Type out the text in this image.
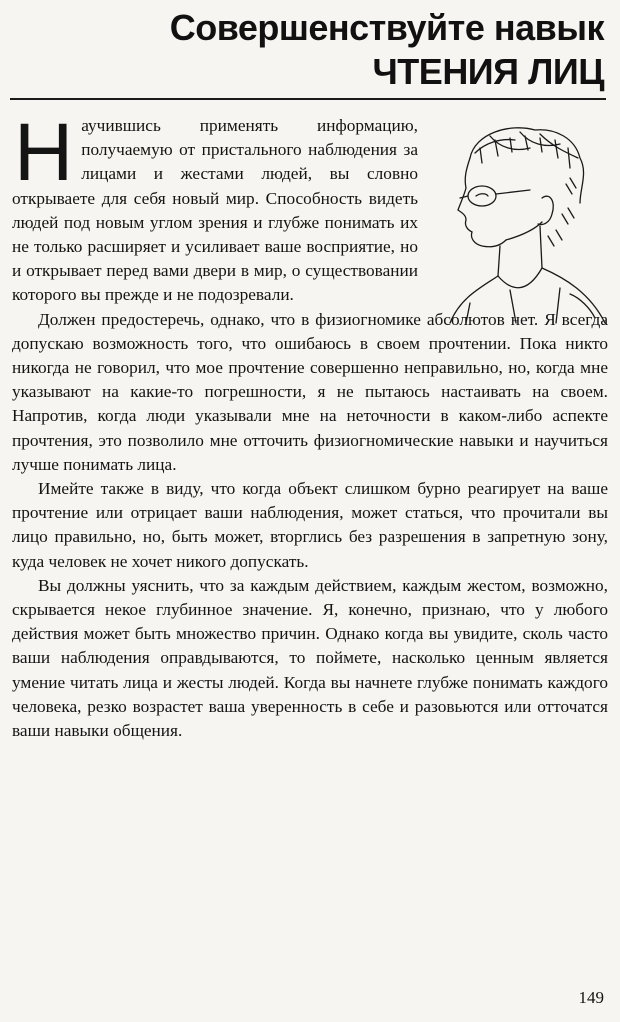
Совершенствуйте навык
ЧТЕНИЯ ЛИЦ

Научившись применять информацию, получаемую от пристального наблюдения за лицами и жестами людей, вы словно открываете для себя новый мир. Способность видеть людей под новым углом зрения и глубже понимать их не только расширяет и усиливает ваше восприятие, но и открывает перед вами двери в мир, о существовании которого вы прежде и не подозревали.

Должен предостеречь, однако, что в физиогномике абсолютов нет. Я всегда допускаю возможность того, что ошибаюсь в своем прочтении. Пока никто никогда не говорил, что мое прочтение совершенно неправильно, но, когда мне указывают на какие-то погрешности, я не пытаюсь настаивать на своем. Напротив, когда люди указывали мне на неточности в каком-либо аспекте прочтения, это позволило мне отточить физиогномические навыки и научиться лучше понимать лица.

Имейте также в виду, что когда объект слишком бурно реагирует на ваше прочтение или отрицает ваши наблюдения, может статься, что прочитали вы лицо правильно, но, быть может, вторглись без разрешения в запретную зону, куда человек не хочет никого допускать.

Вы должны уяснить, что за каждым действием, каждым жестом, возможно, скрывается некое глубинное значение. Я, конечно, признаю, что у любого действия может быть множество причин. Однако когда вы увидите, сколь часто ваши наблюдения оправдываются, то поймете, насколько ценным является умение читать лица и жесты людей. Когда вы начнете глубже понимать каждого человека, резко возрастет ваша уверенность в себе и разовьются или отточатся ваши навыки общения.

149
